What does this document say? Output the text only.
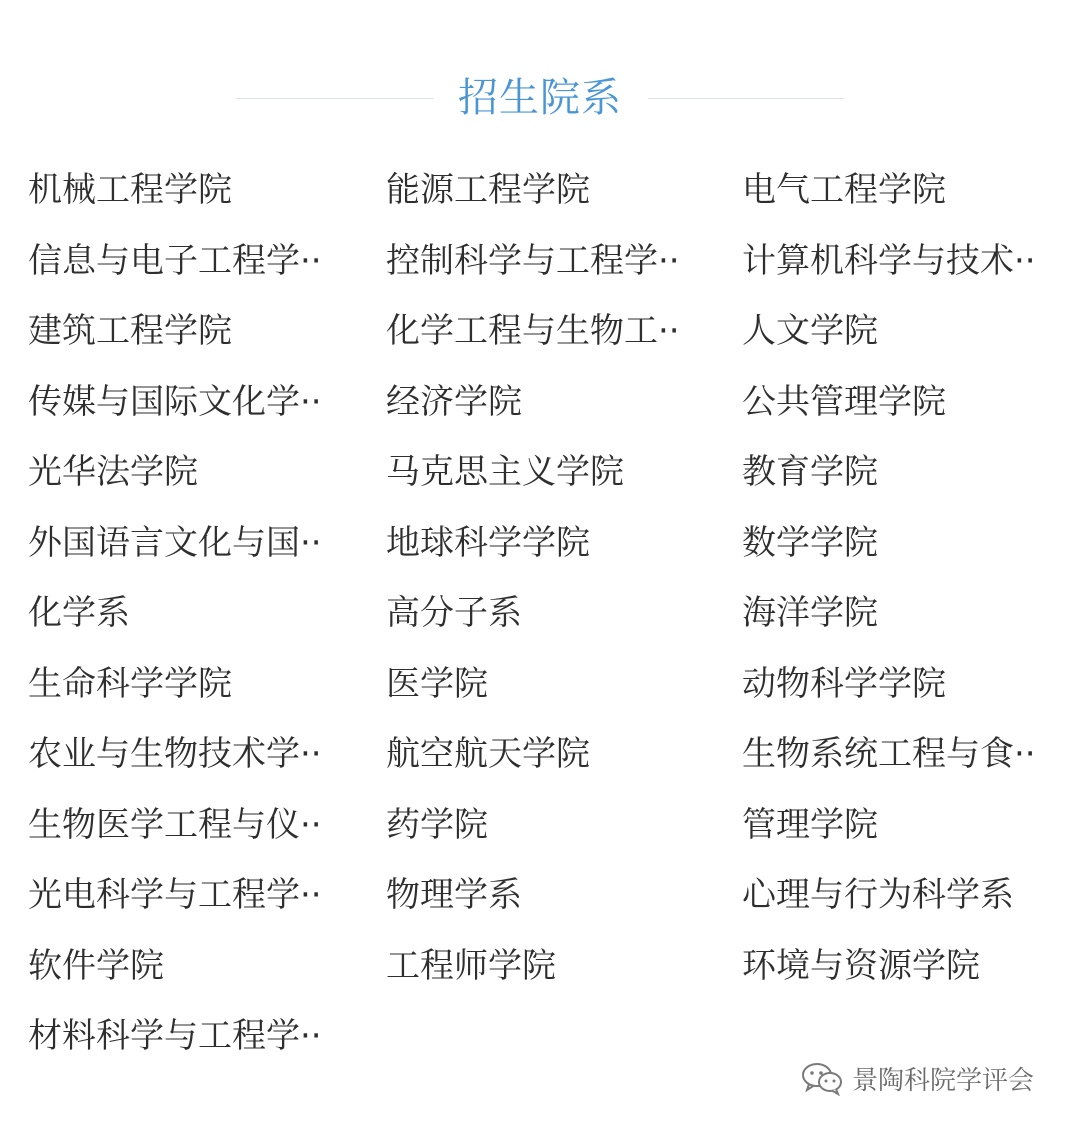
招生院系
机械工程学院	能源工程学院	电气工程学院
信息与电子工程学··	控制科学与工程学··	计算机科学与技术··
建筑工程学院	化学工程与生物工··	人文学院
传媒与国际文化学··	经济学院	公共管理学院
光华法学院	马克思主义学院	教育学院
外国语言文化与国··	地球科学学院	数学学院
化学系	高分子系	海洋学院
生命科学学院	医学院	动物科学学院
农业与生物技术学··	航空航天学院	生物系统工程与食··
生物医学工程与仪··	药学院	管理学院
光电科学与工程学··	物理学系	心理与行为科学系
软件学院	工程师学院	环境与资源学院
材料科学与工程学··
景陶科院学评会
